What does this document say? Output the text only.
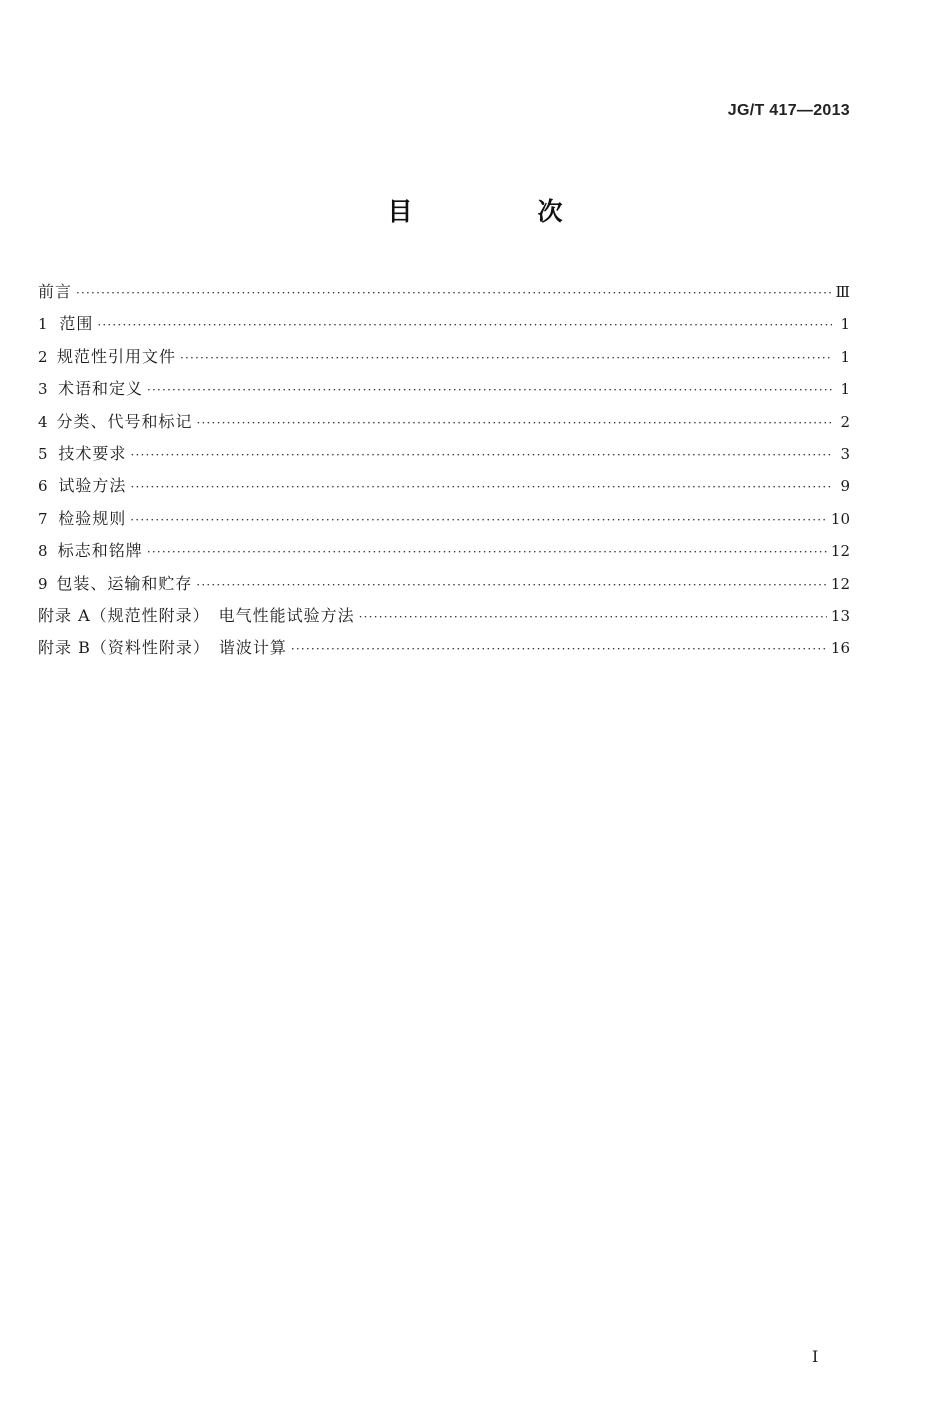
JG/T 417—2013
目　次
前言 ·····	Ⅲ
1 范围 ·····	1
2 规范性引用文件 ·····	1
3 术语和定义 ·····	1
4 分类、代号和标记 ·····	2
5 技术要求 ·····	3
6 试验方法 ·····	9
7 检验规则 ·····	10
8 标志和铭牌 ·····	12
9 包装、运输和贮存 ·····	12
附录 A（规范性附录）　电气性能试验方法 ·····	13
附录 B（资料性附录）　谐波计算 ·····	16
I
